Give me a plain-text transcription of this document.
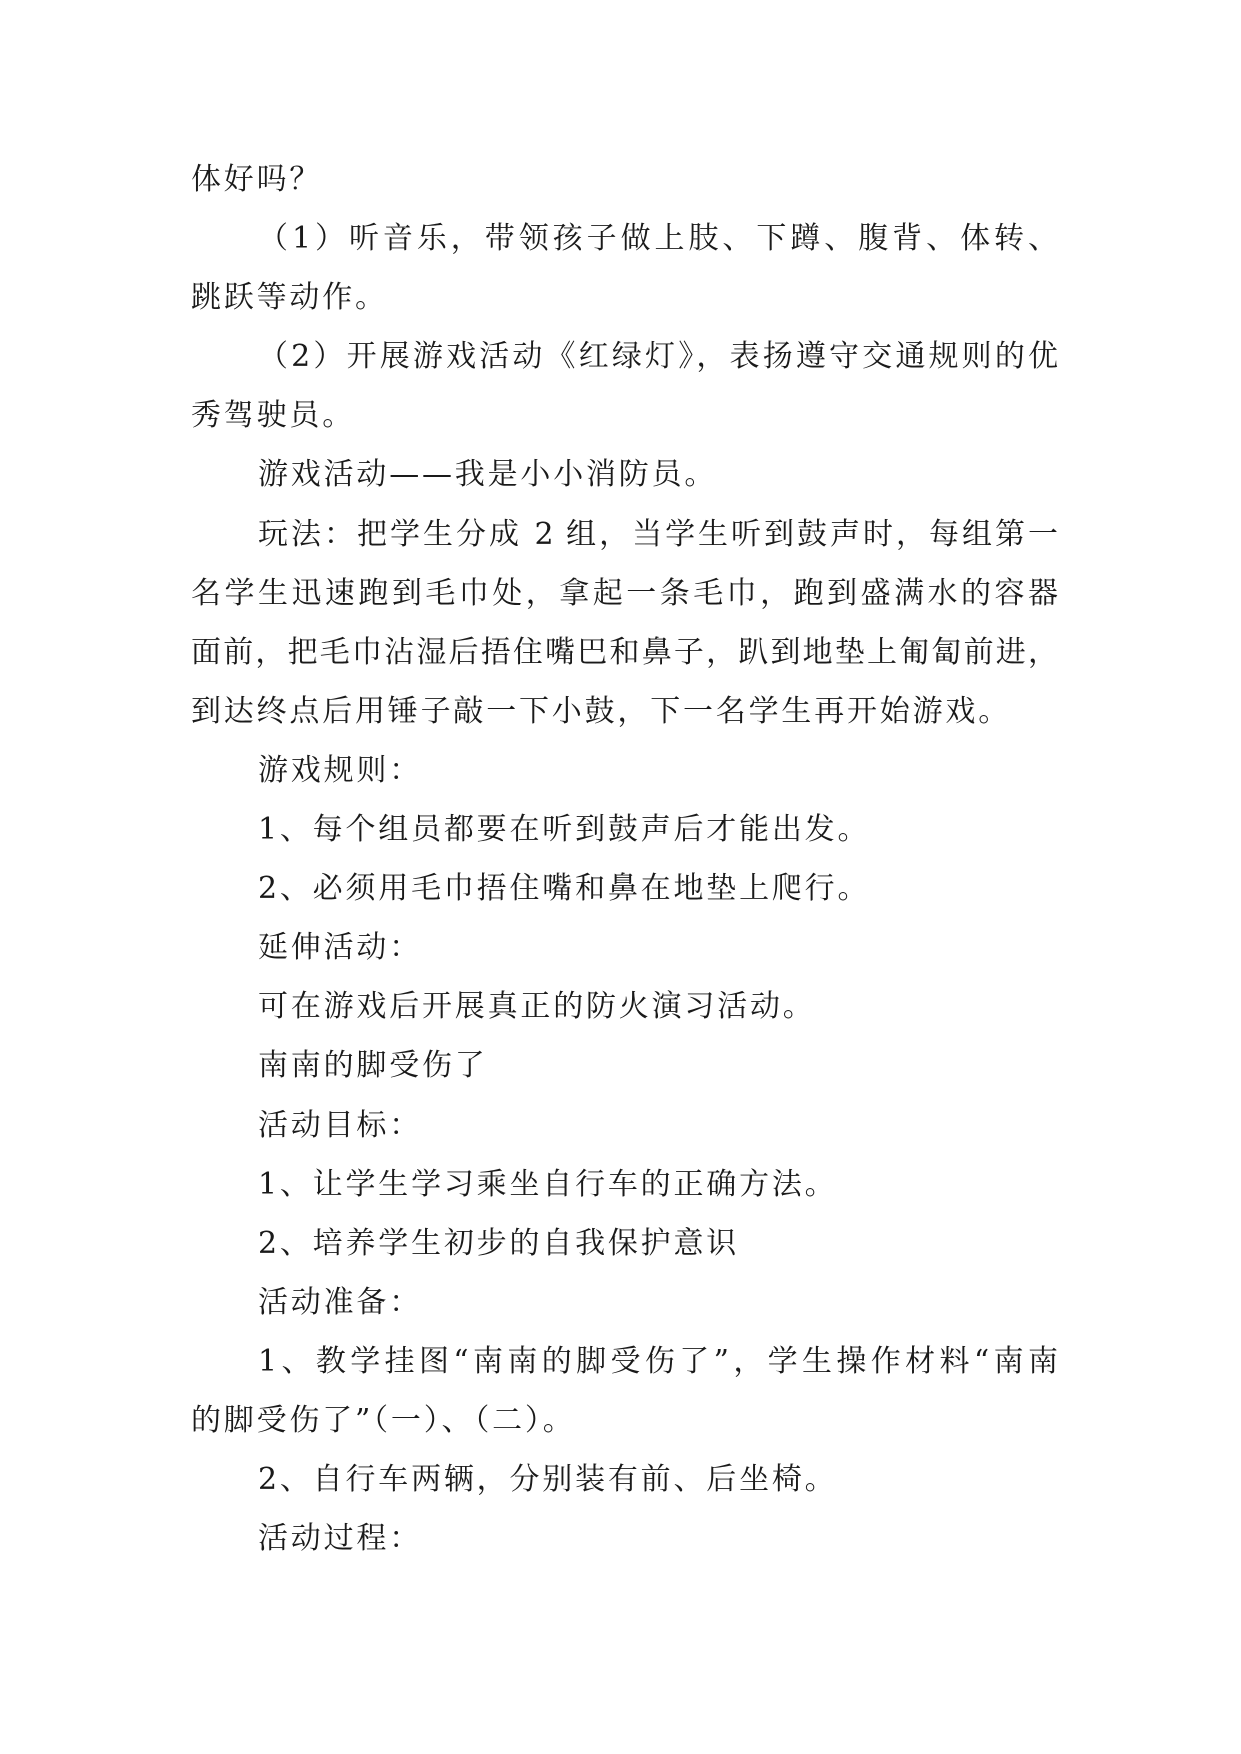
体好吗？
（1）听音乐，带领孩子做上肢、下蹲、腹背、体转、
跳跃等动作。
（2）开展游戏活动《红绿灯》，表扬遵守交通规则的优
秀驾驶员。
游戏活动——我是小小消防员。
玩法：把学生分成 2 组，当学生听到鼓声时，每组第一
名学生迅速跑到毛巾处，拿起一条毛巾，跑到盛满水的容器
面前，把毛巾沾湿后捂住嘴巴和鼻子，趴到地垫上匍匐前进，
到达终点后用锤子敲一下小鼓，下一名学生再开始游戏。
游戏规则：
1、每个组员都要在听到鼓声后才能出发。
2、必须用毛巾捂住嘴和鼻在地垫上爬行。
延伸活动：
可在游戏后开展真正的防火演习活动。
南南的脚受伤了
活动目标：
1、让学生学习乘坐自行车的正确方法。
2、培养学生初步的自我保护意识
活动准备：
1、教学挂图“南南的脚受伤了”，学生操作材料“南南
的脚受伤了”（一）、（二）。
2、自行车两辆，分别装有前、后坐椅。
活动过程：
